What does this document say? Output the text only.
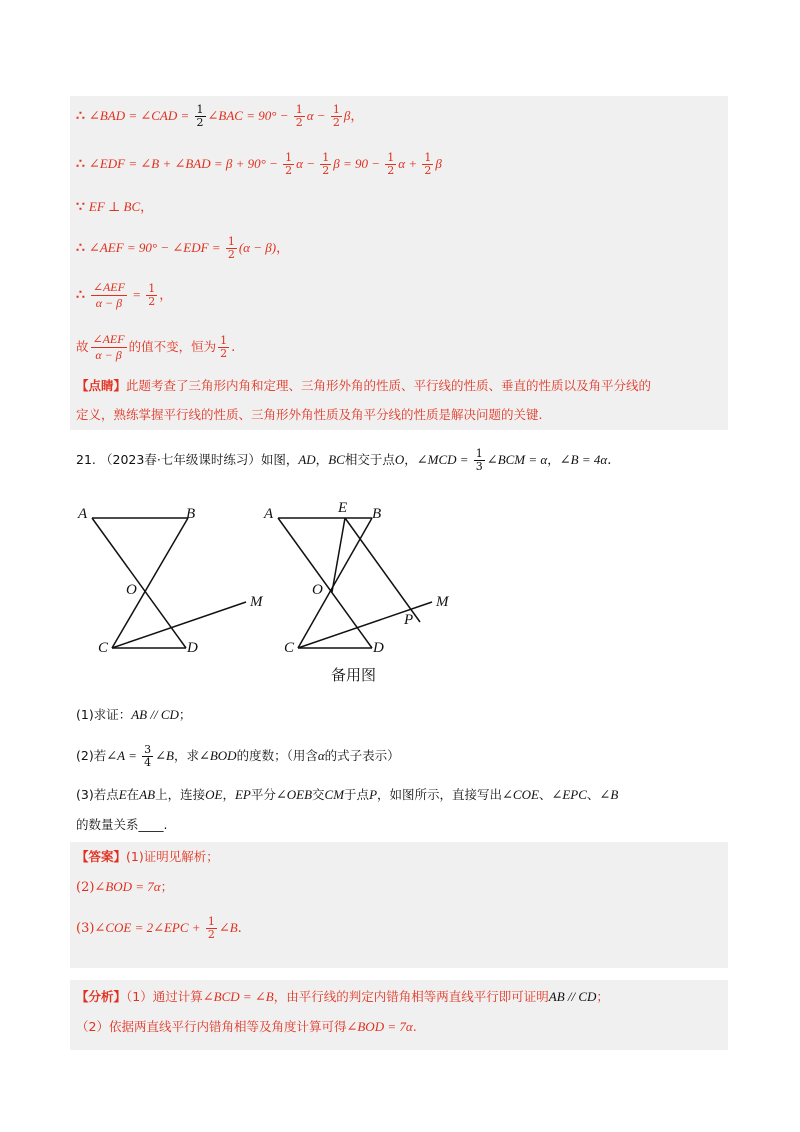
∴ ∠BAD = ∠CAD = $\frac{1}{2}$ ∠BAC = $90^\circ - \frac{1}{2}$ $\alpha - \frac{1}{2}$ β，
∴ ∠EDF = ∠B + ∠BAD = $\beta + 90^\circ - \frac{1}{2}$ $\alpha - \frac{1}{2}$ $\beta = 90 - \frac{1}{2}$ $\alpha + \frac{1}{2}$ β
∵ EF ⊥ BC，
∴ ∠AEF = 90° − ∠EDF = $\frac{1}{2} (\alpha - \beta)$，
∴ $\frac{\text{∠AEF}}{\alpha - \beta} = \frac{1}{2}$ ，
故 $\frac{\text{∠AEF}}{\alpha - \beta}$ 的值不变，恒为 $\frac{1}{2}$ .
【点睛】此题考查了三角形内角和定理、三角形外角的性质、平行线的性质、垂直的性质以及角平分线的
定义，熟练掌握平行线的性质、三角形外角性质及角平分线的性质是解决问题的关键.
21. （2023春·七年级课时练习）如图，AD，BC相交于点O，∠MCD = $\frac{1}{3}$ ∠BCM = α，∠B = 4α.
A	B
O
C	D
M
A	E B
O
P
M
C	D
备用图
(1)求证：AB // CD；
(2)若∠A = $\frac{3}{4}$ ∠B，求∠BOD的度数；（用含α的式子表示）
(3)若点E在AB上，连接OE，EP平分∠OEB交CM于点P，如图所示，直接写出∠COE、∠EPC、∠B
的数量关系____.
【答案】(1)证明见解析；
(2)∠BOD = 7α；
(3)∠COE = 2∠EPC + $\frac{1}{2}$ ∠B.
【分析】（1）通过计算∠BCD = ∠B，由平行线的判定内错角相等两直线平行即可证明AB // CD；
（2）依据两直线平行内错角相等及角度计算可得∠BOD = 7α.
